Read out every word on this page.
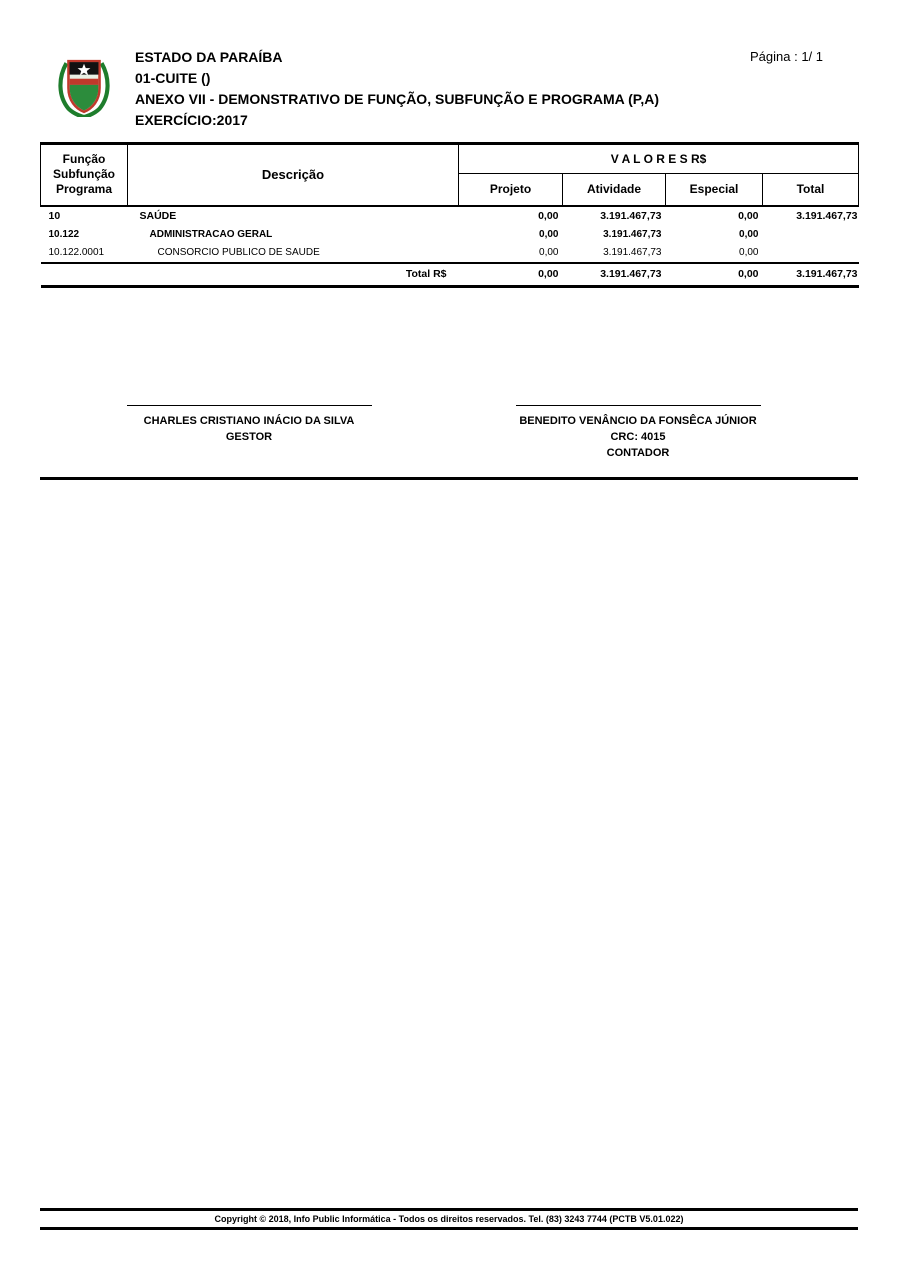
ESTADO DA PARAÍBA
01-CUITE ()
ANEXO VII - DEMONSTRATIVO DE FUNÇÃO, SUBFUNÇÃO E PROGRAMA (P,A)
EXERCÍCIO:2017
Página : 1/ 1
Função
Subfunção
Programa	Descrição	V A L O R E S R$			
		Projeto	Atividade	Especial	Total
10	SAÚDE	0,00	3.191.467,73	0,00	3.191.467,73
10.122	ADMINISTRACAO GERAL	0,00	3.191.467,73	0,00	
10.122.0001	CONSORCIO PUBLICO DE SAUDE	0,00	3.191.467,73	0,00	
	Total R$	0,00	3.191.467,73	0,00	3.191.467,73
CHARLES CRISTIANO INÁCIO DA SILVA
GESTOR
BENEDITO VENÂNCIO DA FONSÊCA JÚNIOR
CRC: 4015
CONTADOR
Copyright © 2018, Info Public Informática - Todos os direitos reservados. Tel. (83) 3243 7744 (PCTB V5.01.022)
